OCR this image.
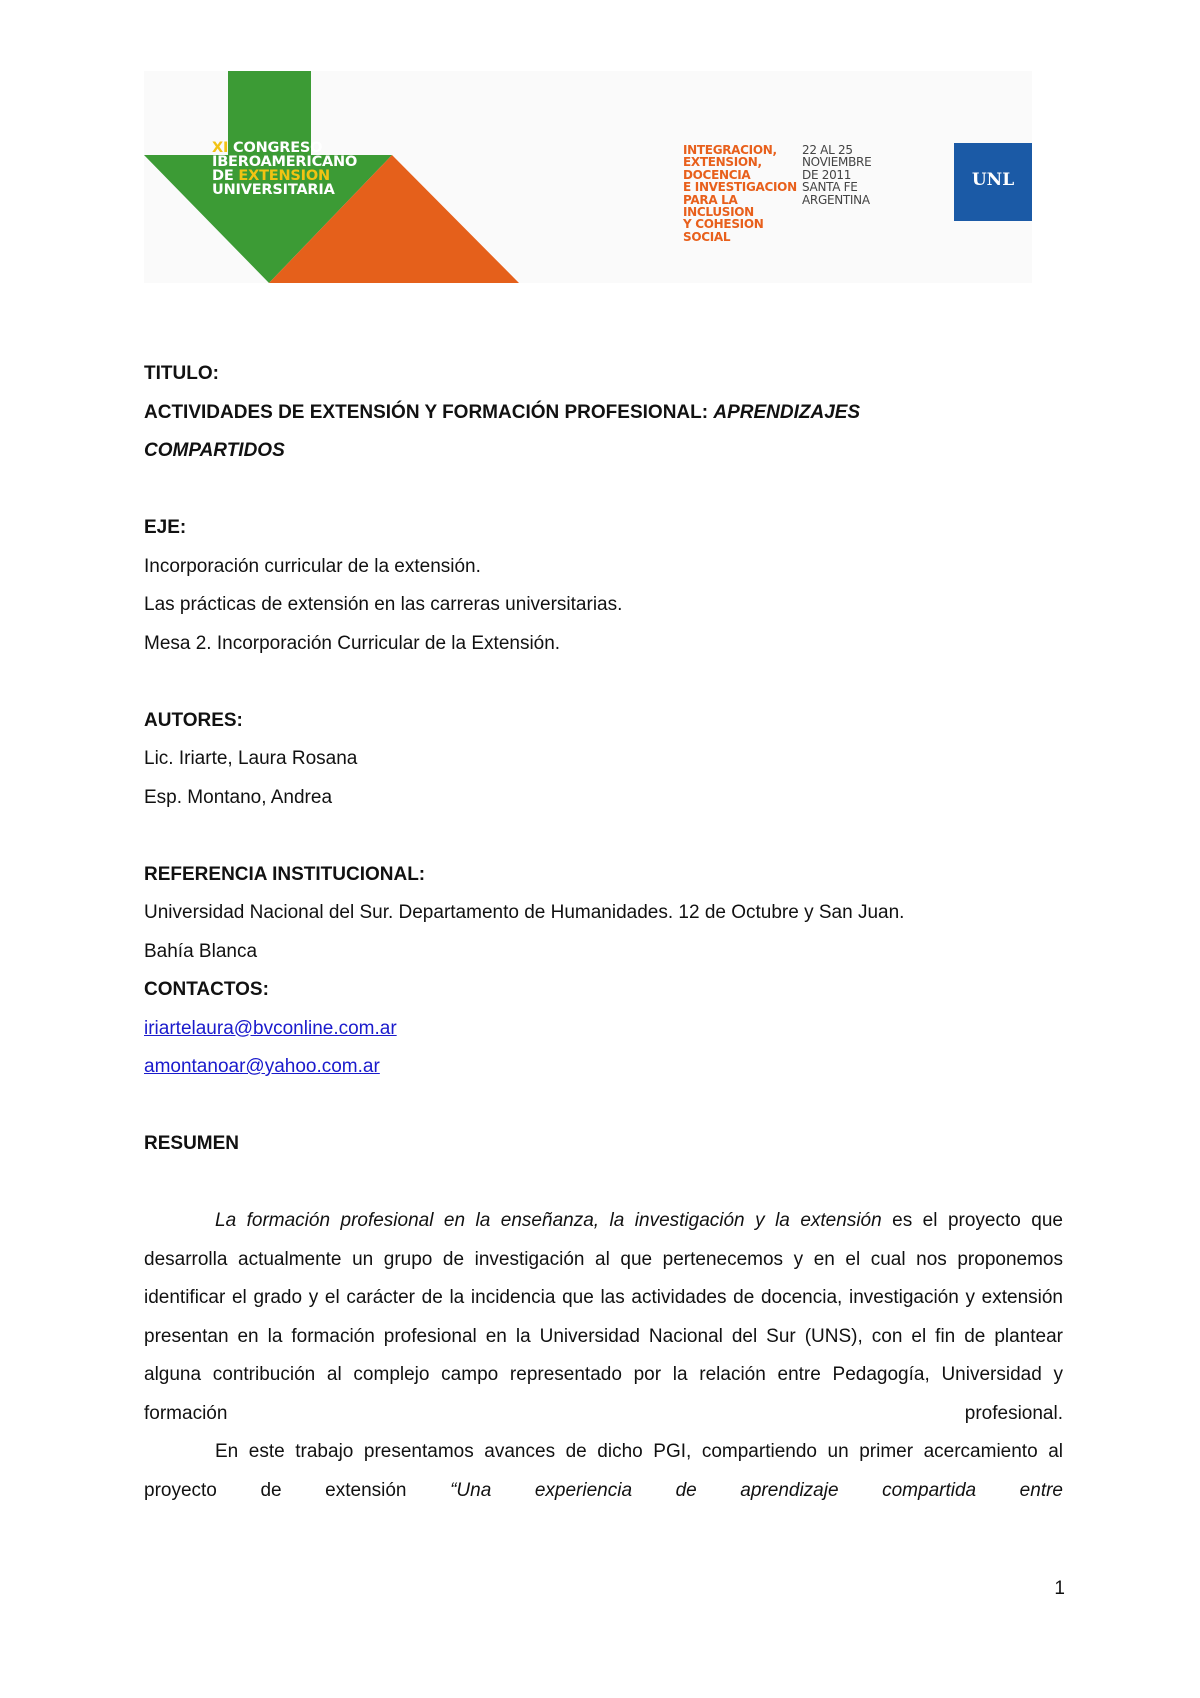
XI CONGRESO
IBEROAMERICANO
DE EXTENSION
UNIVERSITARIA
INTEGRACION,
EXTENSION,
DOCENCIA
E INVESTIGACION
PARA LA
INCLUSION
Y COHESION
SOCIAL
22 AL 25
NOVIEMBRE
DE 2011
SANTA FE
ARGENTINA
UNL
TITULO:
ACTIVIDADES DE EXTENSIÓN Y FORMACIÓN PROFESIONAL: APRENDIZAJES
COMPARTIDOS
EJE:
Incorporación curricular de la extensión.
Las prácticas de extensión en las carreras universitarias.
Mesa 2. Incorporación Curricular de la Extensión.
AUTORES:
Lic. Iriarte, Laura Rosana
Esp. Montano, Andrea
REFERENCIA INSTITUCIONAL:
Universidad Nacional del Sur. Departamento de Humanidades. 12 de Octubre y San Juan.
Bahía Blanca
CONTACTOS:
iriartelaura@bvconline.com.ar
amontanoar@yahoo.com.ar
RESUMEN
La formación profesional en la enseñanza, la investigación y la extensión es el proyecto que desarrolla actualmente un grupo de investigación al que pertenecemos y en el cual nos proponemos identificar el grado y el carácter de la incidencia que las actividades de docencia, investigación y extensión presentan en la formación profesional en la Universidad Nacional del Sur (UNS), con el fin de plantear alguna contribución al complejo campo representado por la relación entre Pedagogía, Universidad y formación profesional.
En este trabajo presentamos avances de dicho PGI, compartiendo un primer acercamiento al proyecto de extensión “Una experiencia de aprendizaje compartida entre
1
